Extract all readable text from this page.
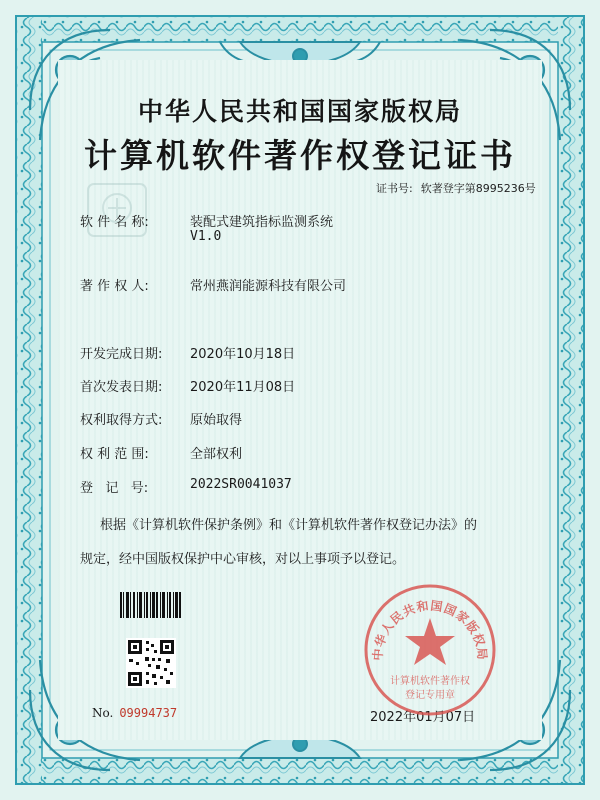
中华人民共和国国家版权局
计算机软件著作权登记证书
证书号: 软著登字第8995236号
软 件 名 称:	装配式建筑指标监测系统
V1.0
著 作 权 人:	常州燕润能源科技有限公司
开发完成日期: 2020年10月18日
首次发表日期: 2020年11月08日
权利取得方式: 原始取得
权 利 范 围:	全部权利
登   记   号:	2022SR0041037
根据《计算机软件保护条例》和《计算机软件著作权登记办法》的
规定，经中国版权保护中心审核，对以上事项予以登记。
No. 09994737	2022年01月07日
中华人民共和国国家版权局
计算机软件著作权
登记专用章
